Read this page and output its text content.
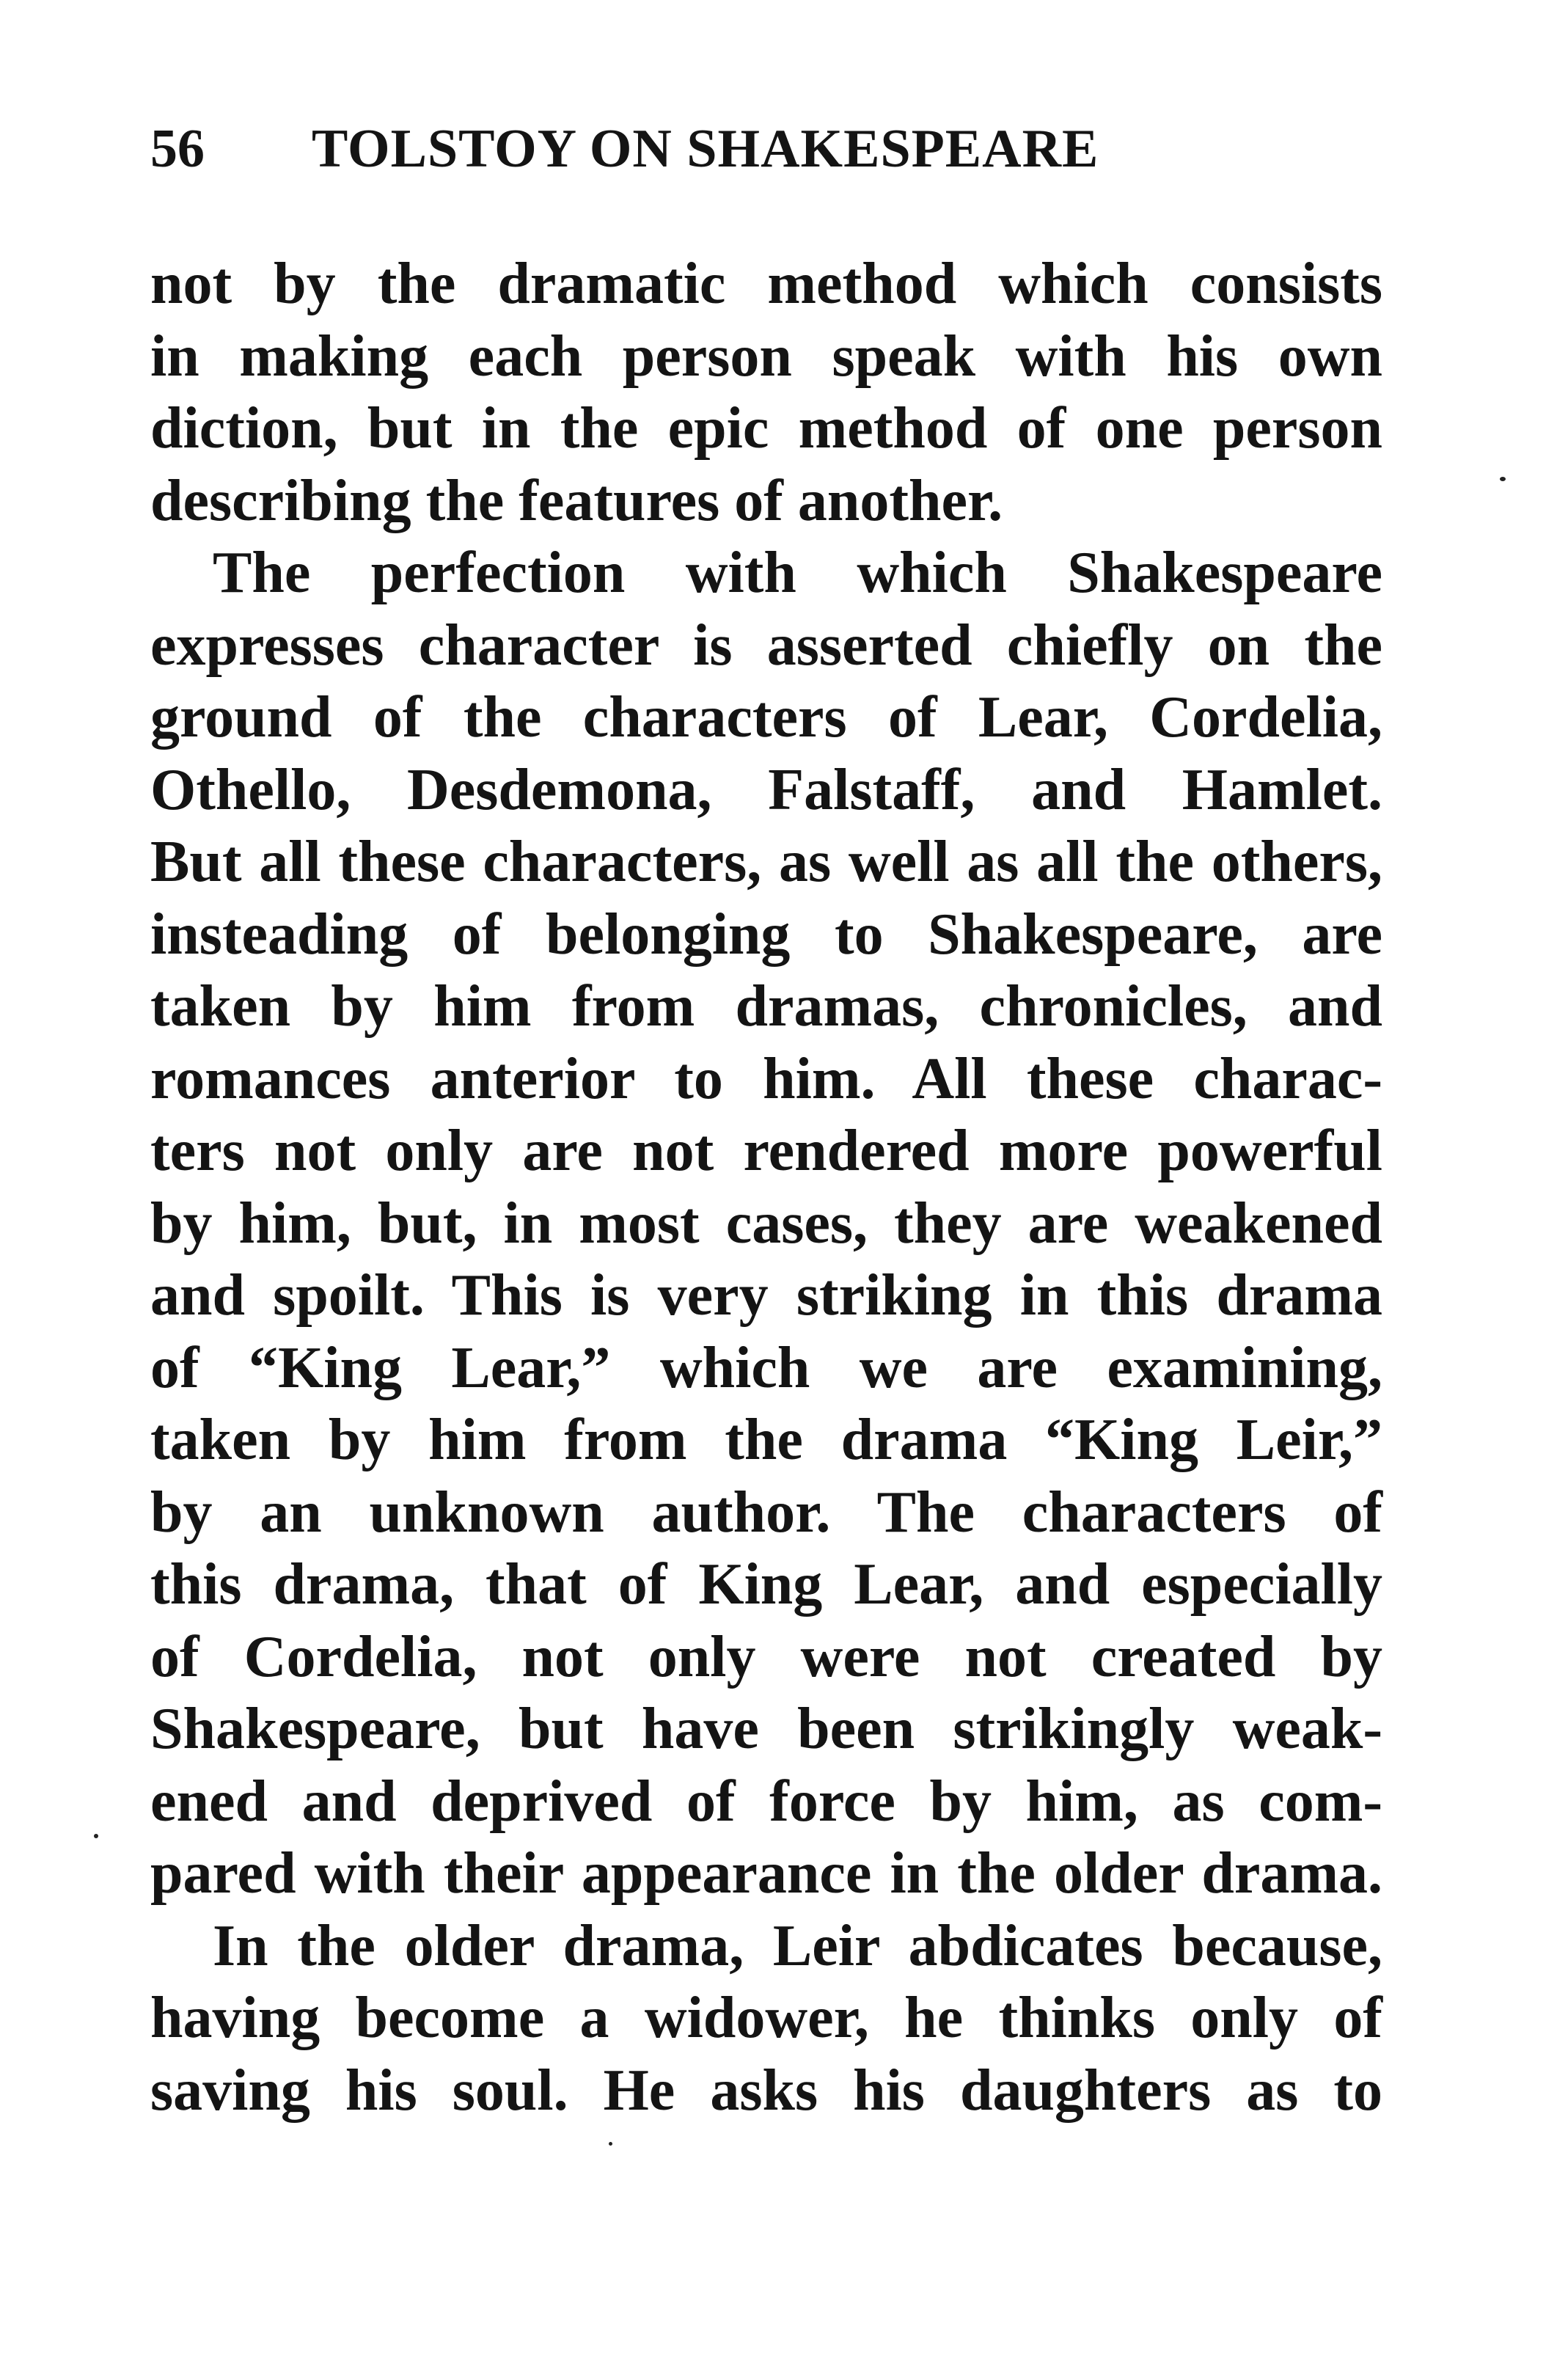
56 TOLSTOY ON SHAKESPEARE
not by the dramatic method which consists
in making each person speak with his own
diction, but in the epic method of one person
describing the features of another.
The perfection with which Shakespeare
expresses character is asserted chiefly on the
ground of the characters of Lear, Cordelia,
Othello, Desdemona, Falstaff, and Hamlet.
But all these characters, as well as all the others,
insteading of belonging to Shakespeare, are
taken by him from dramas, chronicles, and
romances anterior to him. All these charac-
ters not only are not rendered more powerful
by him, but, in most cases, they are weakened
and spoilt. This is very striking in this drama
of “King Lear,” which we are examining,
taken by him from the drama “King Leir,”
by an unknown author. The characters of
this drama, that of King Lear, and especially
of Cordelia, not only were not created by
Shakespeare, but have been strikingly weak-
ened and deprived of force by him, as com-
pared with their appearance in the older drama.
In the older drama, Leir abdicates because,
having become a widower, he thinks only of
saving his soul. He asks his daughters as to
